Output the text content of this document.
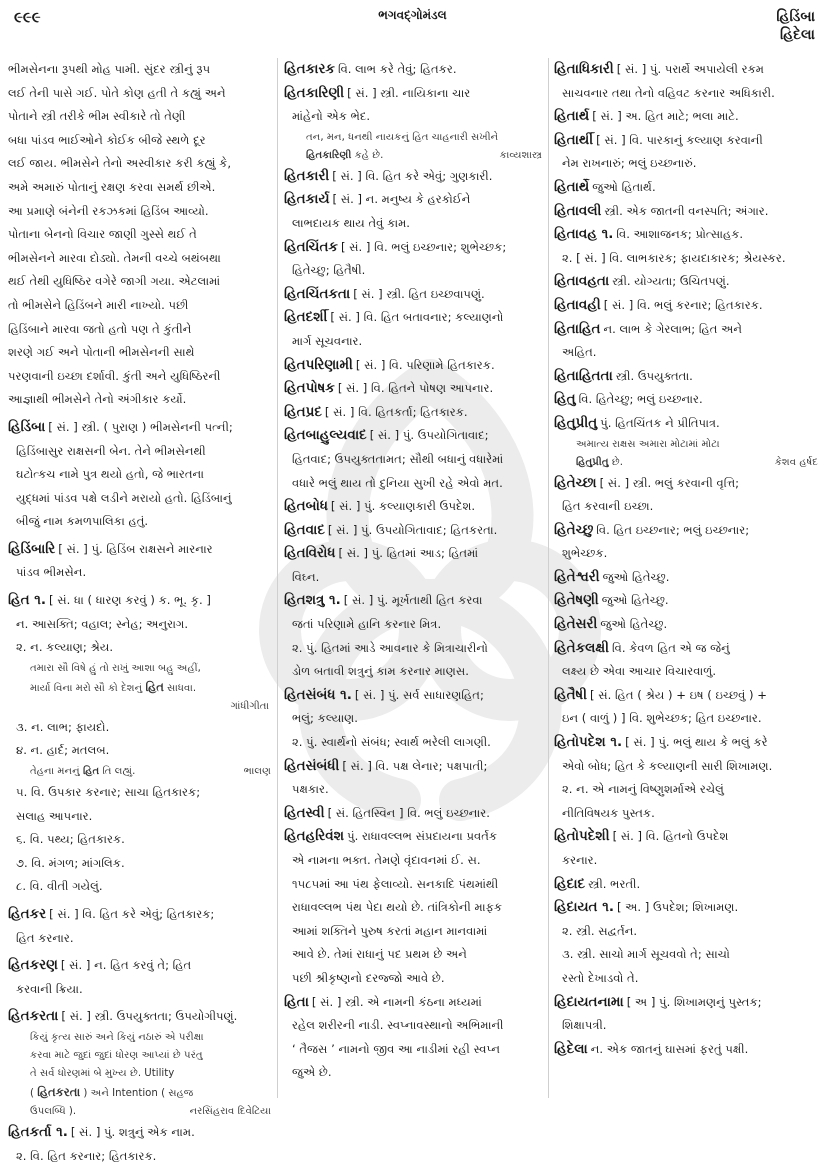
૯૯૯	ભગવદ્ગોમંડલ	હિડિંબા
હિદેલા
ભીમસેનના રૂપથી મોહ પામી. સુંદર સ્ત્રીનું રૂપ
લઈ તેની પાસે ગઈ. પોતે કોણ હતી તે કહ્યું અને
પોતાને સ્ત્રી તરીકે ભીમ સ્વીકારે તો તેણી
બધા પાંડવ ભાઈઓને કોઈક બીજે સ્થળે દૂર
લઈ જાય. ભીમસેને તેનો અસ્વીકાર કરી કહ્યું કે,
અમે અમારું પોતાનું રક્ષણ કરવા સમર્થ છીએ.
આ પ્રમાણે બંનેની રકઝકમાં હિડિંબ આવ્યો.
પોતાના બેનનો વિચાર જાણી ગુસ્સે થઈ તે
ભીમસેનને મારવા દોડ્યો. તેમની વચ્ચે બથંબથા
થઈ તેથી યુધિષ્ઠિર વગેરે જાગી ગયા. એટલામાં
તો ભીમસેને હિડિંબને મારી નાખ્યો. પછી
હિડિંબાને મારવા જતો હતો પણ તે કુંતીને
શરણે ગઈ અને પોતાની ભીમસેનની સાથે
પરણવાની ઇચ્છા દર્શાવી. કુંતી અને યુધિષ્ઠિરની
આજ્ઞાથી ભીમસેને તેનો અંગીકાર કર્યો.
હિડિંબા [ સં. ] સ્ત્રી. ( પુરાણ ) ભીમસેનની પત્ની;
હિડિંબાસુર રાક્ષસની બેન. તેને ભીમસેનથી
ઘટોત્કચ નામે પુત્ર થયો હતો, જે ભારતના
યુદ્ધમાં પાંડવ પક્ષે લડીને મરાયો હતો. હિડિંબાનું
બીજું નામ કમળપાલિકા હતું.
હિડિંબારિ [ સં. ] પું. હિડિંબ રાક્ષસને મારનાર
પાંડવ ભીમસેન.
હિત ૧. [ સં. ધા ( ધારણ કરવું ) ક. ભૂ. કૃ. ]
ન. આસક્તિ; વહાલ; સ્નેહ; અનુરાગ.
૨. ન. કલ્યાણ; શ્રેય.
તમારા સૌ વિષે હું તો રાખું આશા બહુ અહીં,
માર્યા વિના મરો સૌ કો દેશનું હિત સાધવા.
ગાંધીગીતા
૩. ન. લાભ; ફાયદો.
૪. ન. હાર્દ; મતલબ.
તેહના મનનું હિત તિ લહ્યું.	ભાલણ
૫. વિ. ઉપકાર કરનાર; સાચા હિતકારક;
સલાહ આપનાર.
૬. વિ. પથ્ય; હિતકારક.
૭. વિ. મંગળ; માંગલિક.
૮. વિ. વીતી ગયેલું.
હિતકર [ સં. ] વિ. હિત કરે એવું; હિતકારક;
હિત કરનાર.
હિતકરણ [ સં. ] ન. હિત કરવું તે; હિત
કરવાની ક્રિયા.
હિતકરતા [ સં. ] સ્ત્રી. ઉપયુક્તતા; ઉપયોગીપણું.
કિયું કૃત્ય સારું અને કિયું નઠારું એ પરીક્ષા
કરવા માટે જુદાં જુદાં ધોરણ આપ્યાં છે પરંતુ
તે સર્વ ધોરણમાં બે મુખ્ય છે. Utility
( હિતકરતા ) અને Intention ( સહજ
ઉપલબ્ધિ ).	નરસિંહરાવ દિવેટિયા
હિતકર્તા ૧. [ સં. ] પું. શત્રુનું એક નામ.
૨. વિ. હિત કરનાર; હિતકારક.
હિતકારક વિ. લાભ કરે તેવું; હિતકર.
હિતકારિણી [ સં. ] સ્ત્રી. નાયિકાના ચાર
માંહેનો એક ભેદ.
તન, મન, ધનથી નાયકનું હિત ચાહનારી સખીને
હિતકારિણી કહે છે.	કાવ્યશાસ્ત્ર
હિતકારી [ સં. ] વિ. હિત કરે એવું; ગુણકારી.
હિતકાર્ય [ સં. ] ન. મનુષ્ય કે હરકોઈને
લાભદાયક થાય તેવું કામ.
હિતચિંતક [ સં. ] વિ. ભલું ઇચ્છનાર; શુભેચ્છક;
હિતેચ્છુ; હિતૈષી.
હિતચિંતકતા [ સં. ] સ્ત્રી. હિત ઇચ્છવાપણું.
હિતદર્શી [ સં. ] વિ. હિત બતાવનાર; કલ્યાણનો
માર્ગ સૂચવનાર.
હિતપરિણામી [ સં. ] વિ. પરિણામે હિતકારક.
હિતપોષક [ સં. ] વિ. હિતને પોષણ આપનાર.
હિતપ્રદ [ સં. ] વિ. હિતકર્તા; હિતકારક.
હિતબાહુલ્યવાદ [ સં. ] પું. ઉપયોગિતાવાદ;
હિતવાદ; ઉપયુક્તતામત; સૌથી બધાનું વધારેમાં
વધારે ભલું થાય તો દુનિયા સુખી રહે એવો મત.
હિતબોધ [ સં. ] પું. કલ્યાણકારી ઉપદેશ.
હિતવાદ [ સં. ] પું. ઉપયોગિતાવાદ; હિતકરતા.
હિતવિરોધ [ સં. ] પું. હિતમાં આડ; હિતમાં
વિઘ્ન.
હિતશત્રુ ૧. [ સં. ] પું. મૂર્ખતાથી હિત કરવા
જતાં પરિણામે હાનિ કરનાર મિત્ર.
૨. પું. હિતમાં આડે આવનાર કે મિત્રાચારીનો
ડોળ બતાવી શત્રુનું કામ કરનાર માણસ.
હિતસંબંધ ૧. [ સં. ] પું. સર્વ સાધારણહિત;
ભલું; કલ્યાણ.
૨. પું. સ્વાર્થનો સંબંધ; સ્વાર્થ ભરેલી લાગણી.
હિતસંબંધી [ સં. ] વિ. પક્ષ લેનાર; પક્ષપાતી;
પક્ષકાર.
હિતસ્વી [ સં. હિતસ્વિન ] વિ. ભલું ઇચ્છનાર.
હિતહરિવંશ પું. રાધાવલ્લભ સંપ્રદાયના પ્રવર્તક
એ નામના ભક્ત. તેમણે વૃંદાવનમાં ઈ. સ.
૧૫૮૫માં આ પંથ ફેલાવ્યો. સનકાદિ પંથમાંથી
રાધાવલ્લભ પંથ પેદા થયો છે. તાંત્રિકોની માફક
આમાં શક્તિને પુરુષ કરતાં મહાન માનવામાં
આવે છે. તેમાં રાધાનું પદ પ્રથમ છે અને
પછી શ્રીકૃષ્ણનો દરજ્જો આવે છે.
હિતા [ સં. ] સ્ત્રી. એ નામની કંઠના મધ્યમાં
રહેલ શરીરની નાડી. સ્વપ્નાવસ્થાનો અભિમાની
‘ તૈજસ ’ નામનો જીવ આ નાડીમાં રહી સ્વપ્ન
જુએ છે.
હિતાધિકારી [ સં. ] પું. પરાર્થે અપાયેલી રકમ
સાચવનાર તથા તેનો વહિવટ કરનાર અધિકારી.
હિતાર્થ [ સં. ] અ. હિત માટે; ભલા માટે.
હિતાર્થી [ સં. ] વિ. પારકાનું કલ્યાણ કરવાની
નેમ રાખનારું; ભલું ઇચ્છનારું.
હિતાર્થે જુઓ હિતાર્થ.
હિતાવલી સ્ત્રી. એક જાતની વનસ્પતિ; અંગાર.
હિતાવહ ૧. વિ. આશાજનક; પ્રોત્સાહક.
૨. [ સં. ] વિ. લાભકારક; ફાયદાકારક; શ્રેયસ્કર.
હિતાવહતા સ્ત્રી. યોગ્યતા; ઉચિતપણું.
હિતાવહી [ સં. ] વિ. ભલું કરનાર; હિતકારક.
હિતાહિત ન. લાભ કે ગેરલાભ; હિત અને
અહિત.
હિતાહિતતા સ્ત્રી. ઉપયુક્તતા.
હિતુ વિ. હિતેચ્છુ; ભલું ઇચ્છનાર.
હિતુપ્રીતુ પું. હિતચિંતક ને પ્રીતિપાત્ર.
અમાત્ય રાક્ષસ અમારા મોટામાં મોટા
હિતુપ્રીતુ છે.	કેશવ હર્ષદ
હિતેચ્છા [ સં. ] સ્ત્રી. ભલું કરવાની વૃત્તિ;
હિત કરવાની ઇચ્છા.
હિતેચ્છુ વિ. હિત ઇચ્છનાર; ભલું ઇચ્છનાર;
શુભેચ્છક.
હિતેશ્વરી જુઓ હિતેચ્છુ.
હિતેષણી જુઓ હિતેચ્છુ.
હિતેસરી જુઓ હિતેચ્છુ.
હિતેકલક્ષી વિ. કેવળ હિત એ જ જેનું
લક્ષ્ય છે એવા આચાર વિચારવાળું.
હિતૈષી [ સં. હિત ( શ્રેય ) + ઇષ ( ઇચ્છવું ) +
ઇન ( વાળું ) ] વિ. શુભેચ્છક; હિત ઇચ્છનાર.
હિતોપદેશ ૧. [ સં. ] પું. ભલું થાય કે ભલું કરે
એવો બોધ; હિત કે કલ્યાણની સારી શિખામણ.
૨. ન. એ નામનું વિષ્ણુશર્માએ રચેલું
નીતિવિષયક પુસ્તક.
હિતોપદેશી [ સં. ] વિ. હિતનો ઉપદેશ
કરનાર.
હિદાદ સ્ત્રી. ભરતી.
હિદાયત ૧. [ અ. ] ઉપદેશ; શિખામણ.
૨. સ્ત્રી. સદ્વર્તન.
૩. સ્ત્રી. સાચો માર્ગ સૂચવવો તે; સાચો
રસ્તો દેખાડવો તે.
હિદાયતનામા [ અ ] પું. શિખામણનું પુસ્તક;
શિક્ષાપત્રી.
હિદેલા ન. એક જાતનું ઘાસમાં ફરતું પક્ષી.
